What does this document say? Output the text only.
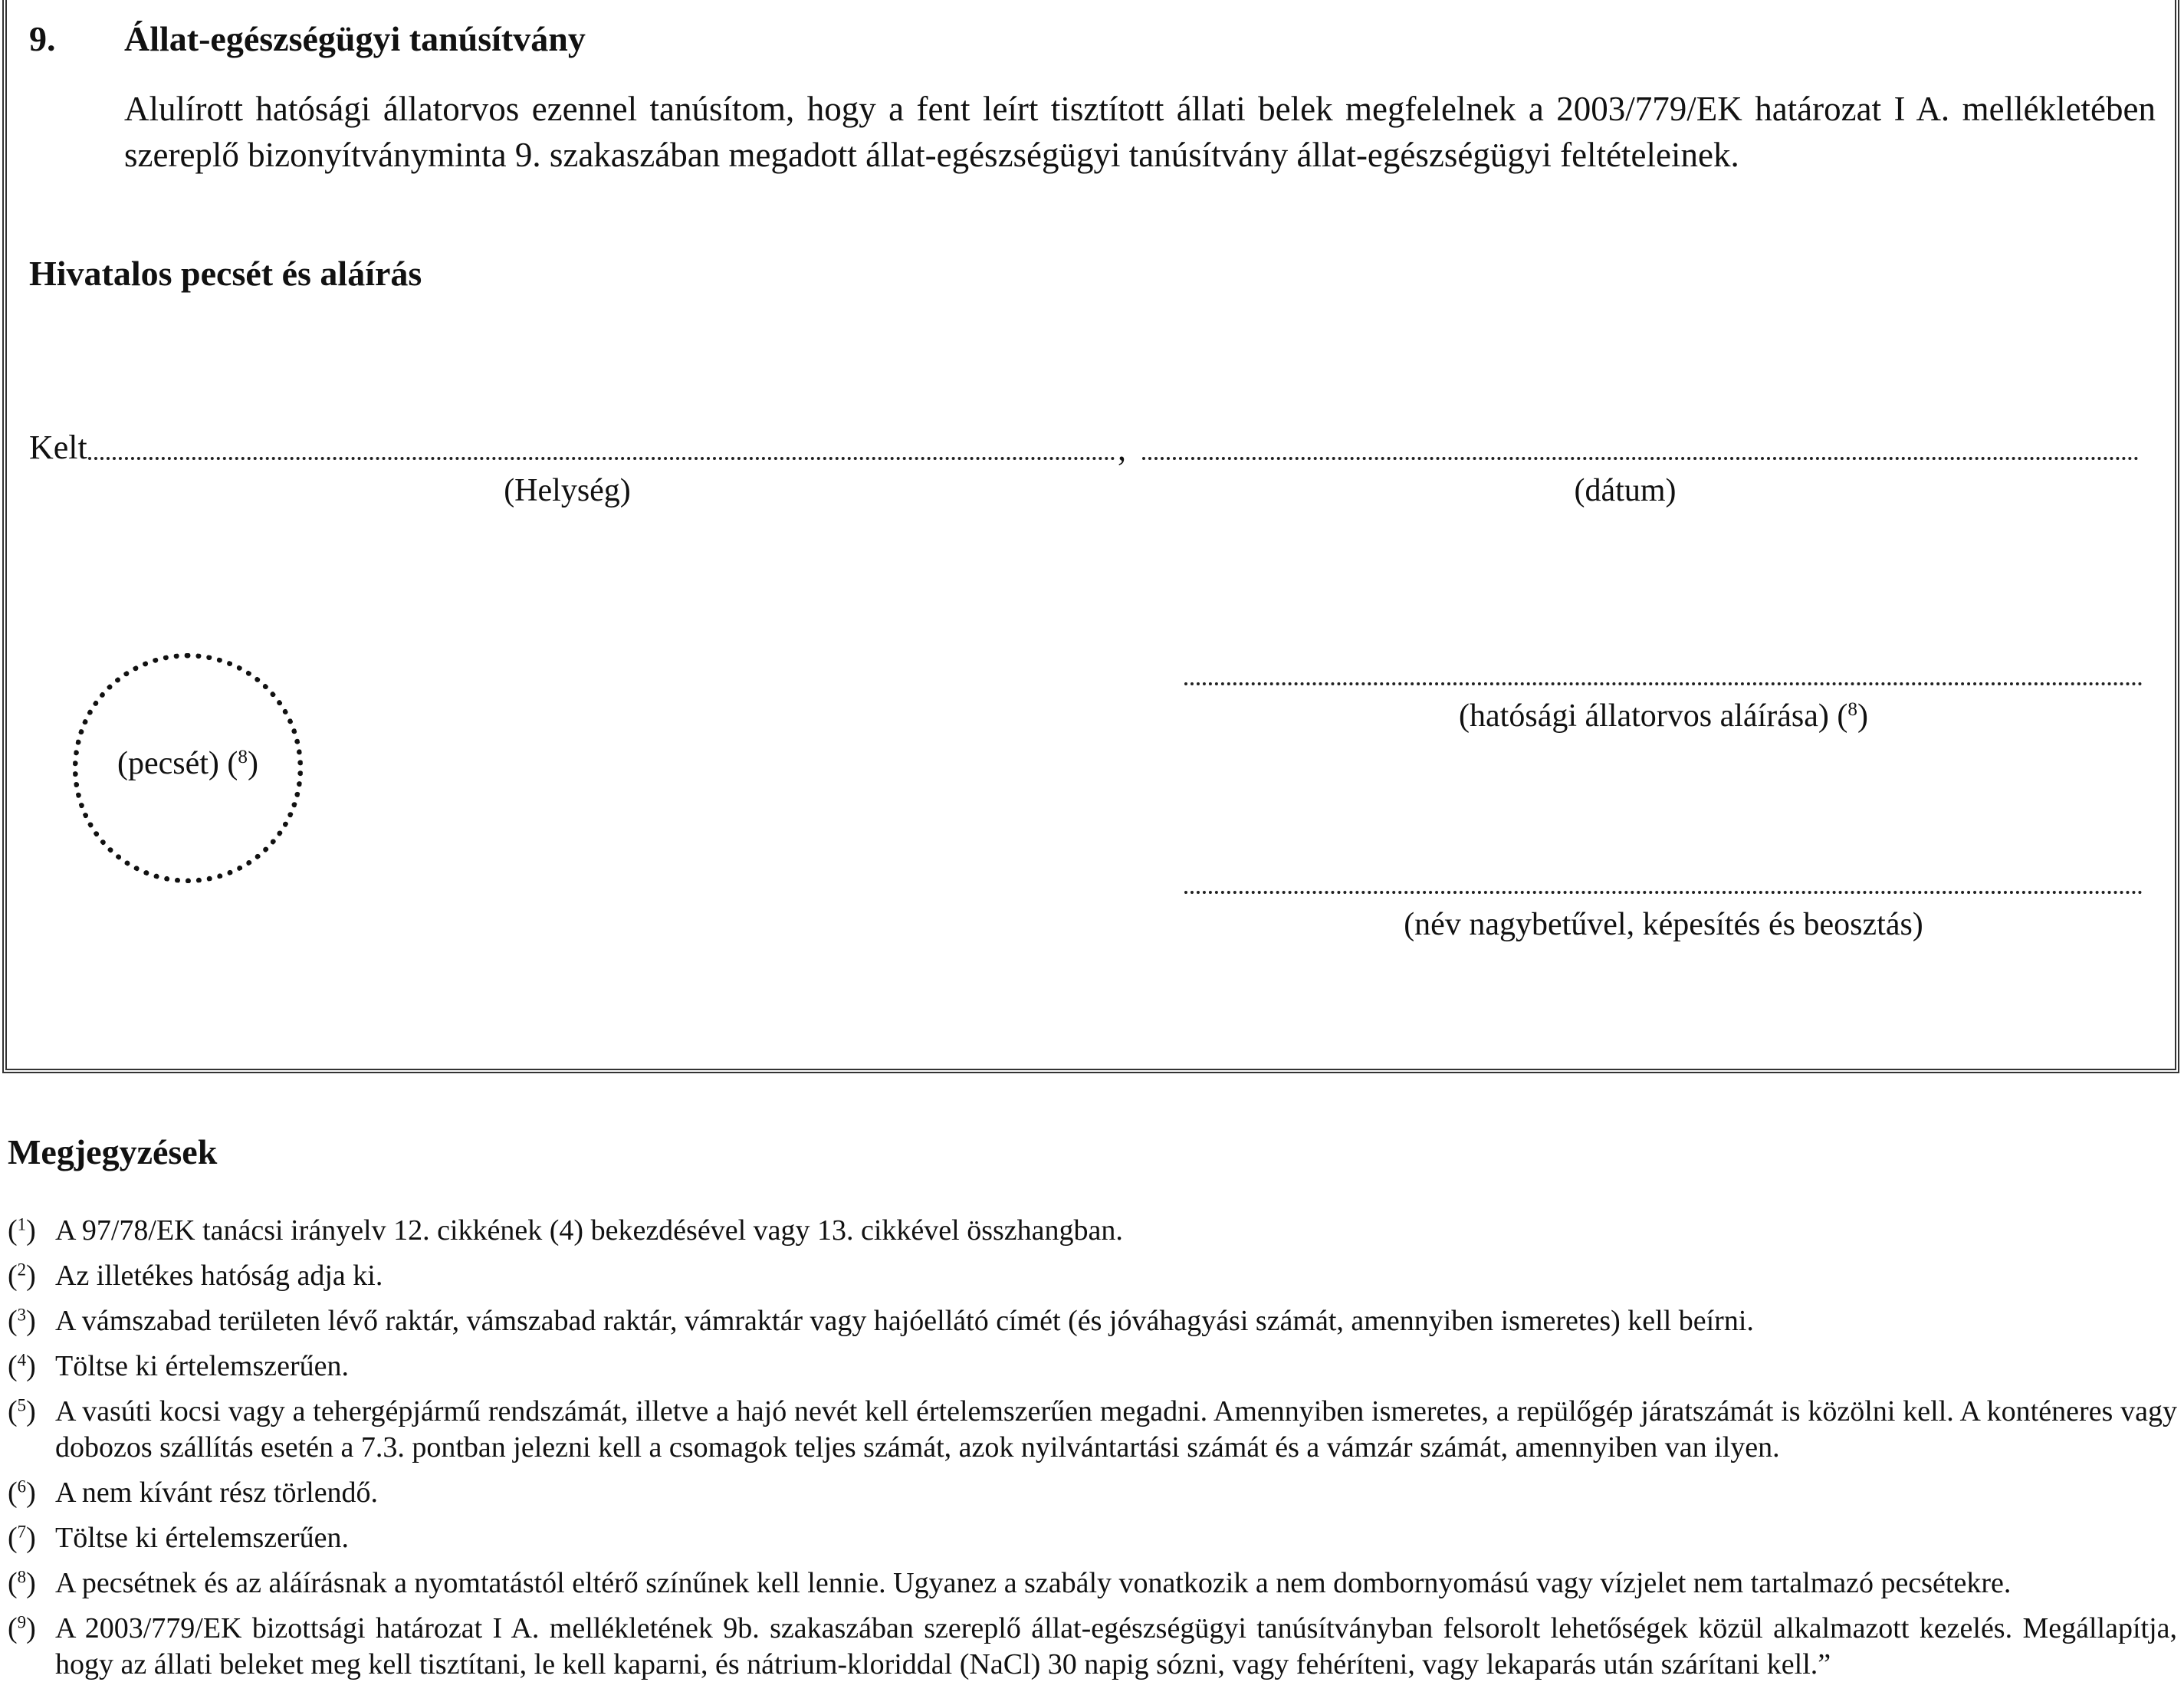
9. Állat-egészségügyi tanúsítvány
Alulírott hatósági állatorvos ezennel tanúsítom, hogy a fent leírt tisztított állati belek megfelelnek a 2003/779/EK határozat I A. mellékletében szereplő bizonyítványminta 9. szakaszában megadott állat-egészségügyi tanúsítvány állat-egészségügyi feltételeinek.
Hivatalos pecsét és aláírás
Kelt	,
(Helység)	(dátum)
(pecsét) ($^8$)
(hatósági állatorvos aláírása) ($^8$)
(név nagybetűvel, képesítés és beosztás)
Megjegyzések
($^1$) A 97/78/EK tanácsi irányelv 12. cikkének (4) bekezdésével vagy 13. cikkével összhangban.
($^2$) Az illetékes hatóság adja ki.
($^3$) A vámszabad területen lévő raktár, vámszabad raktár, vámraktár vagy hajóellátó címét (és jóváhagyási számát, amennyiben ismeretes) kell beírni.
($^4$) Töltse ki értelemszerűen.
($^5$) A vasúti kocsi vagy a tehergépjármű rendszámát, illetve a hajó nevét kell értelemszerűen megadni. Amennyiben ismeretes, a repülőgép járatszámát is közölni kell. A konténeres vagy dobozos szállítás esetén a 7.3. pontban jelezni kell a csomagok teljes számát, azok nyilvántartási számát és a vámzár számát, amennyiben van ilyen.
($^6$) A nem kívánt rész törlendő.
($^7$) Töltse ki értelemszerűen.
($^8$) A pecsétnek és az aláírásnak a nyomtatástól eltérő színűnek kell lennie. Ugyanez a szabály vonatkozik a nem dombornyomású vagy vízjelet nem tartalmazó pecsétekre.
($^9$) A 2003/779/EK bizottsági határozat I A. mellékletének 9b. szakaszában szereplő állat-egészségügyi tanúsítványban felsorolt lehetőségek közül alkalmazott kezelés. Megállapítja, hogy az állati beleket meg kell tisztítani, le kell kaparni, és nátrium-kloriddal (NaCl) 30 napig sózni, vagy fehéríteni, vagy lekaparás után szárítani kell.”
